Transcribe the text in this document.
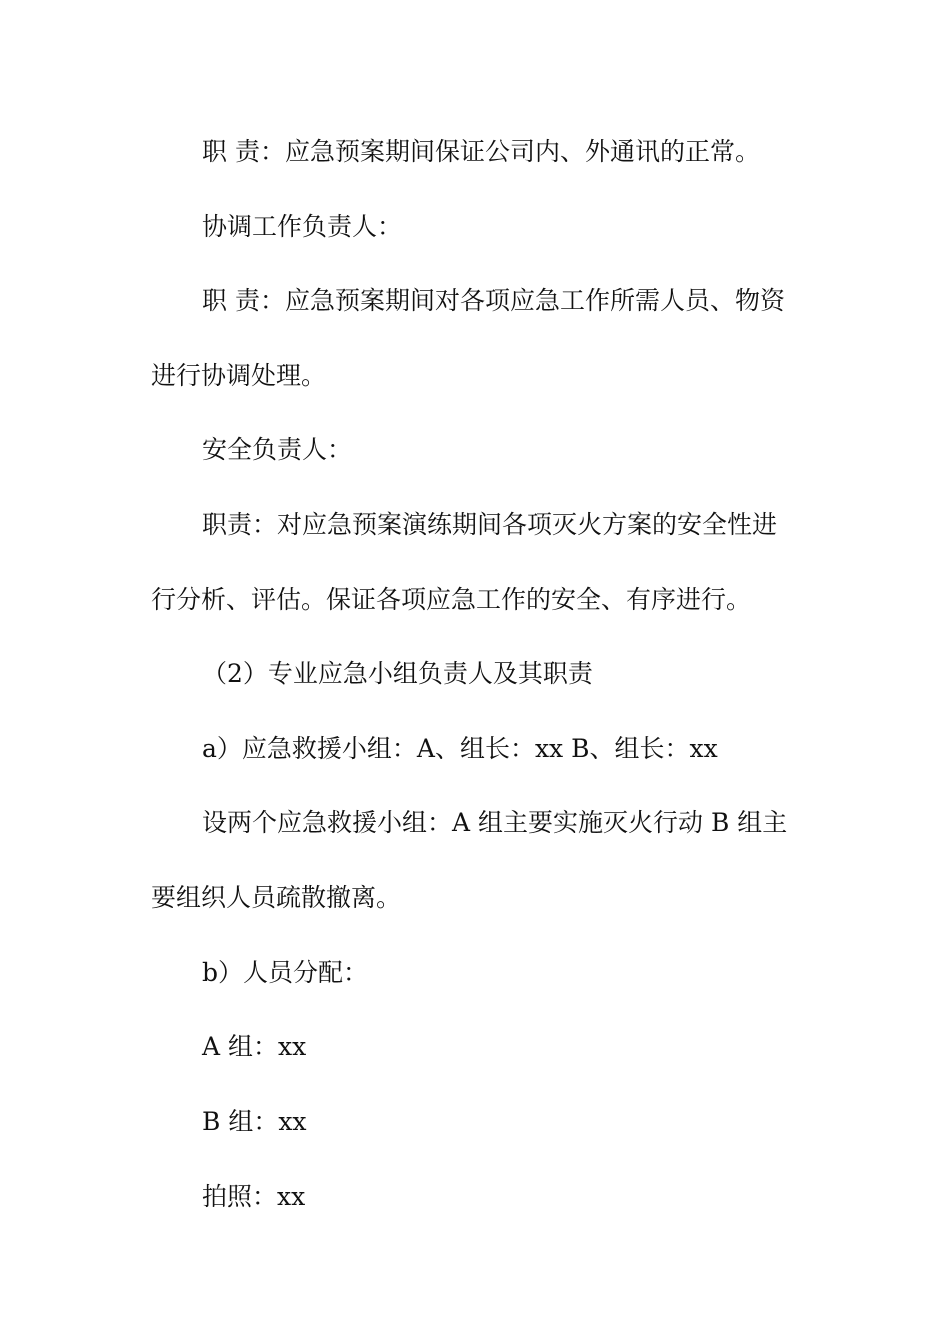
职 责：应急预案期间保证公司内、外通讯的正常。
协调工作负责人：
职 责：应急预案期间对各项应急工作所需人员、物资
进行协调处理。
安全负责人：
职责：对应急预案演练期间各项灭火方案的安全性进
行分析、评估。保证各项应急工作的安全、有序进行。
（2）专业应急小组负责人及其职责
a）应急救援小组：A、组长：xx B、组长：xx
设两个应急救援小组：A 组主要实施灭火行动 B 组主
要组织人员疏散撤离。
b）人员分配：
A 组：xx
B 组：xx
拍照：xx
